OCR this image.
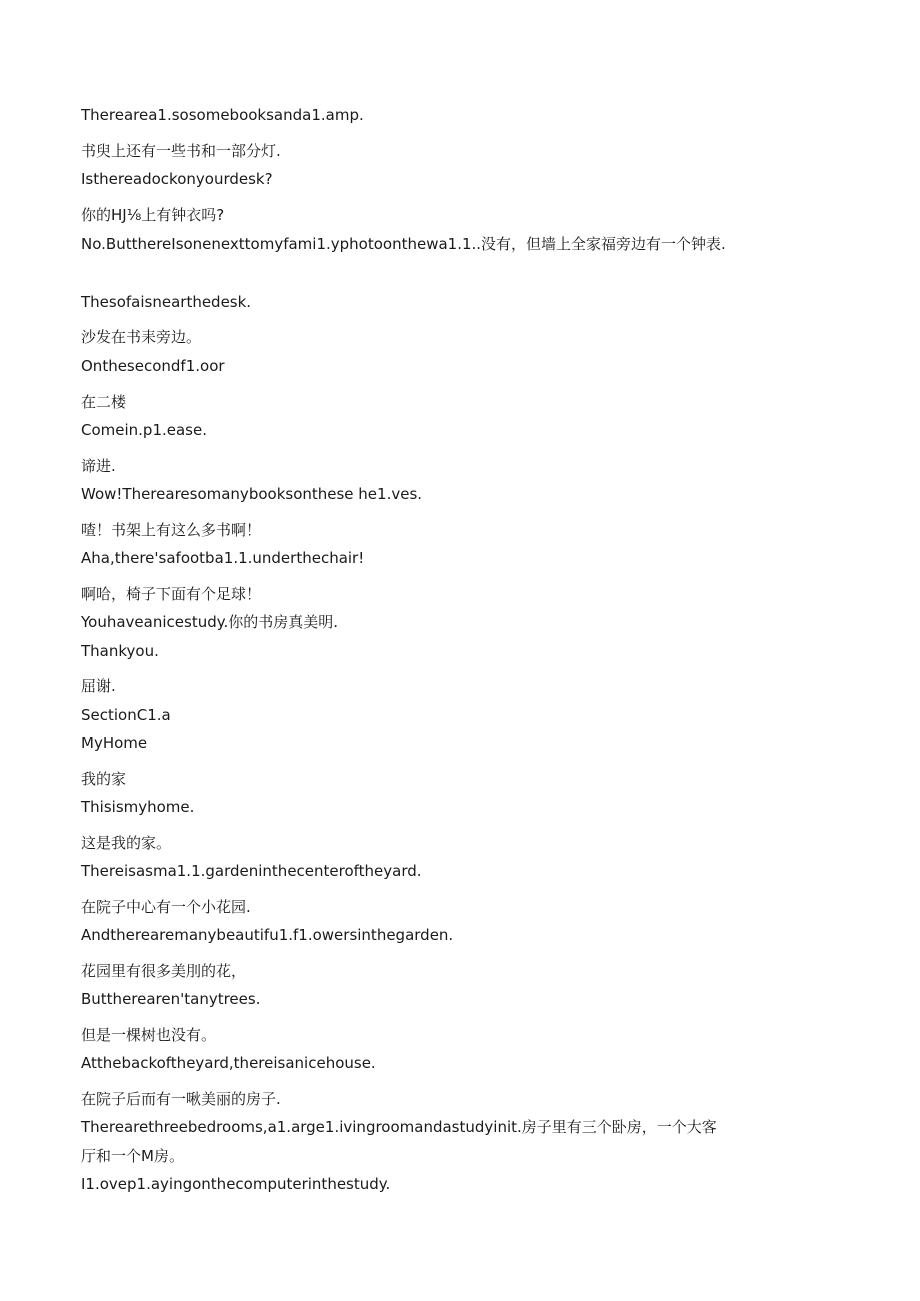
Therearea1.sosomebooksanda1.amp.
书臾上还有一些书和一部分灯.
Isthereadockonyourdesk?
你的HJ⅛上有钟衣吗?
No.ButthereIsonenexttomyfami1.yphotoonthewa1.1..没有，但墙上全家福旁边有一个钟表.
Thesofaisnearthedesk.
沙发在书耒旁边。
Onthesecondf1.oor
在二楼
Comein.p1.ease.
谛进.
Wow!Therearesomanybooksonthese he1.ves.
喳！书架上有这么多书啊！
Aha,there'safootba1.1.underthechair!
啊哈，椅子下面有个足球！
Youhaveanicestudy.你的书房真美明.
Thankyou.
屈谢.
SectionC1.a
MyHome
我的家
Thisismyhome.
这是我的家。
Thereisasma1.1.gardeninthecenteroftheyard.
在院子中心有一个小花园.
Andtherearemanybeautifu1.f1.owersinthegarden.
花园里有很多美刖的花，
Buttherearen'tanytrees.
但是一棵树也没有。
Atthebackoftheyard,thereisanicehouse.
在院子后而有一啾美丽的房子.
Therearethreebedrooms,a1.arge1.ivingroomandastudyinit.房子里有三个卧房，一个大客厅和一个M房。
I1.ovep1.ayingonthecomputerinthestudy.
